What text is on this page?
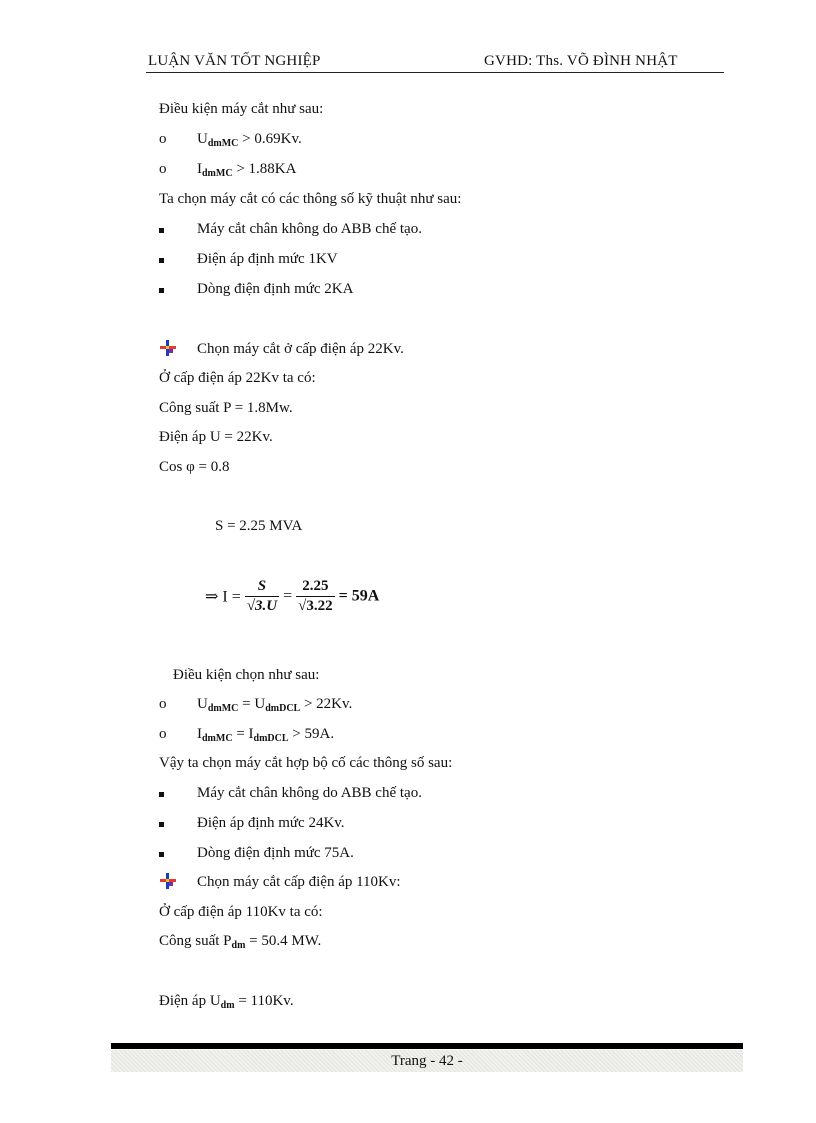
LUẬN VĂN TỐT NGHIỆP	GVHD: Ths. VÕ ĐÌNH NHẬT
Điều kiện máy cắt như sau:
o $U_{dmMC} > 0.69Kv$.
o $I_{dmMC} > 1.88KA$
Ta chọn máy cắt có các thông số kỹ thuật như sau:
Máy cắt chân không do ABB chế tạo.
Điện áp định mức 1KV
Dòng điện định mức 2KA
Chọn máy cắt ở cấp điện áp 22Kv.
Ở cấp điện áp 22Kv ta có:
Công suất P = 1.8Mw.
Điện áp U = 22Kv.
Cos φ = 0.8
S = 2.25 MVA
⇒ $I = \frac{S}{√3.U} = \frac{2.25}{√3.22} = 59A$
Điều kiện chọn như sau:
o $U_{dmMC} = U_{dmDCL} > 22Kv$.
o $I_{dmMC} = I_{dmDCL} > 59A$.
Vậy ta chọn máy cắt hợp bộ cố các thông số sau:
Máy cắt chân không do ABB chế tạo.
Điện áp định mức 24Kv.
Dòng điện định mức 75A.
Chọn máy cắt cấp điện áp 110Kv:
Ở cấp điện áp 110Kv ta có:
Công suất $P_{dm} = 50.4$ MW.
Điện áp $U_{dm} = 110Kv$.
Trang - 42 -
